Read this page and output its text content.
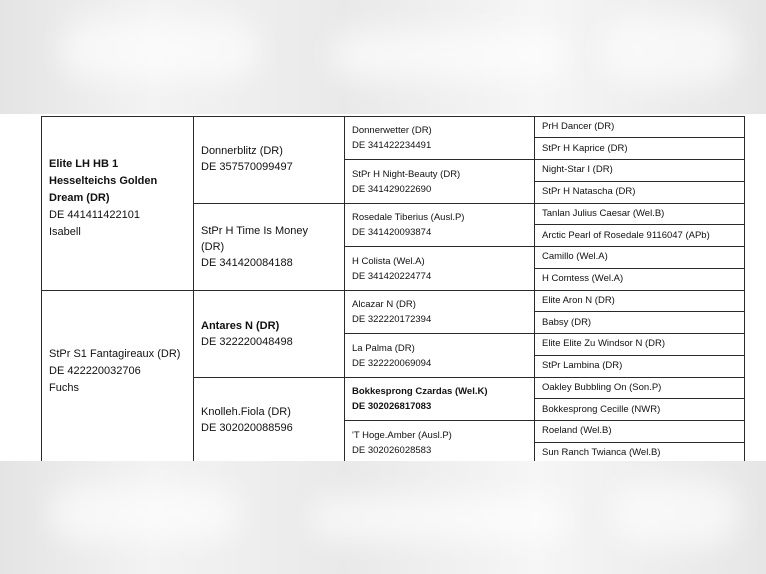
Elite LH HB 1
Hesselteichs Golden
Dream (DR)
DE 441411422101
Isabell
StPr S1 Fantagireaux (DR)
DE 422220032706
Fuchs
Donnerblitz (DR)
DE 357570099497
StPr H Time Is Money
(DR)
DE 341420084188
Antares N (DR)
DE 322220048498
Knolleh.Fiola (DR)
DE 302020088596
Donnerwetter (DR)
DE 341422234491
StPr H Night-Beauty (DR)
DE 341429022690
Rosedale Tiberius (Ausl.P)
DE 341420093874
H Colista (Wel.A)
DE 341420224774
Alcazar N (DR)
DE 322220172394
La Palma (DR)
DE 322220069094
Bokkesprong Czardas (Wel.K)
DE 302026817083
'T Hoge.Amber (Ausl.P)
DE 302026028583
PrH Dancer (DR)
StPr H Kaprice (DR)
Night-Star I (DR)
StPr H Natascha (DR)
Tanlan Julius Caesar (Wel.B)
Arctic Pearl of Rosedale 9116047 (APb)
Camillo (Wel.A)
H Comtess (Wel.A)
Elite Aron N (DR)
Babsy (DR)
Elite Elite Zu Windsor N (DR)
StPr Lambina (DR)
Oakley Bubbling On (Son.P)
Bokkesprong Cecille (NWR)
Roeland (Wel.B)
Sun Ranch Twianca (Wel.B)
